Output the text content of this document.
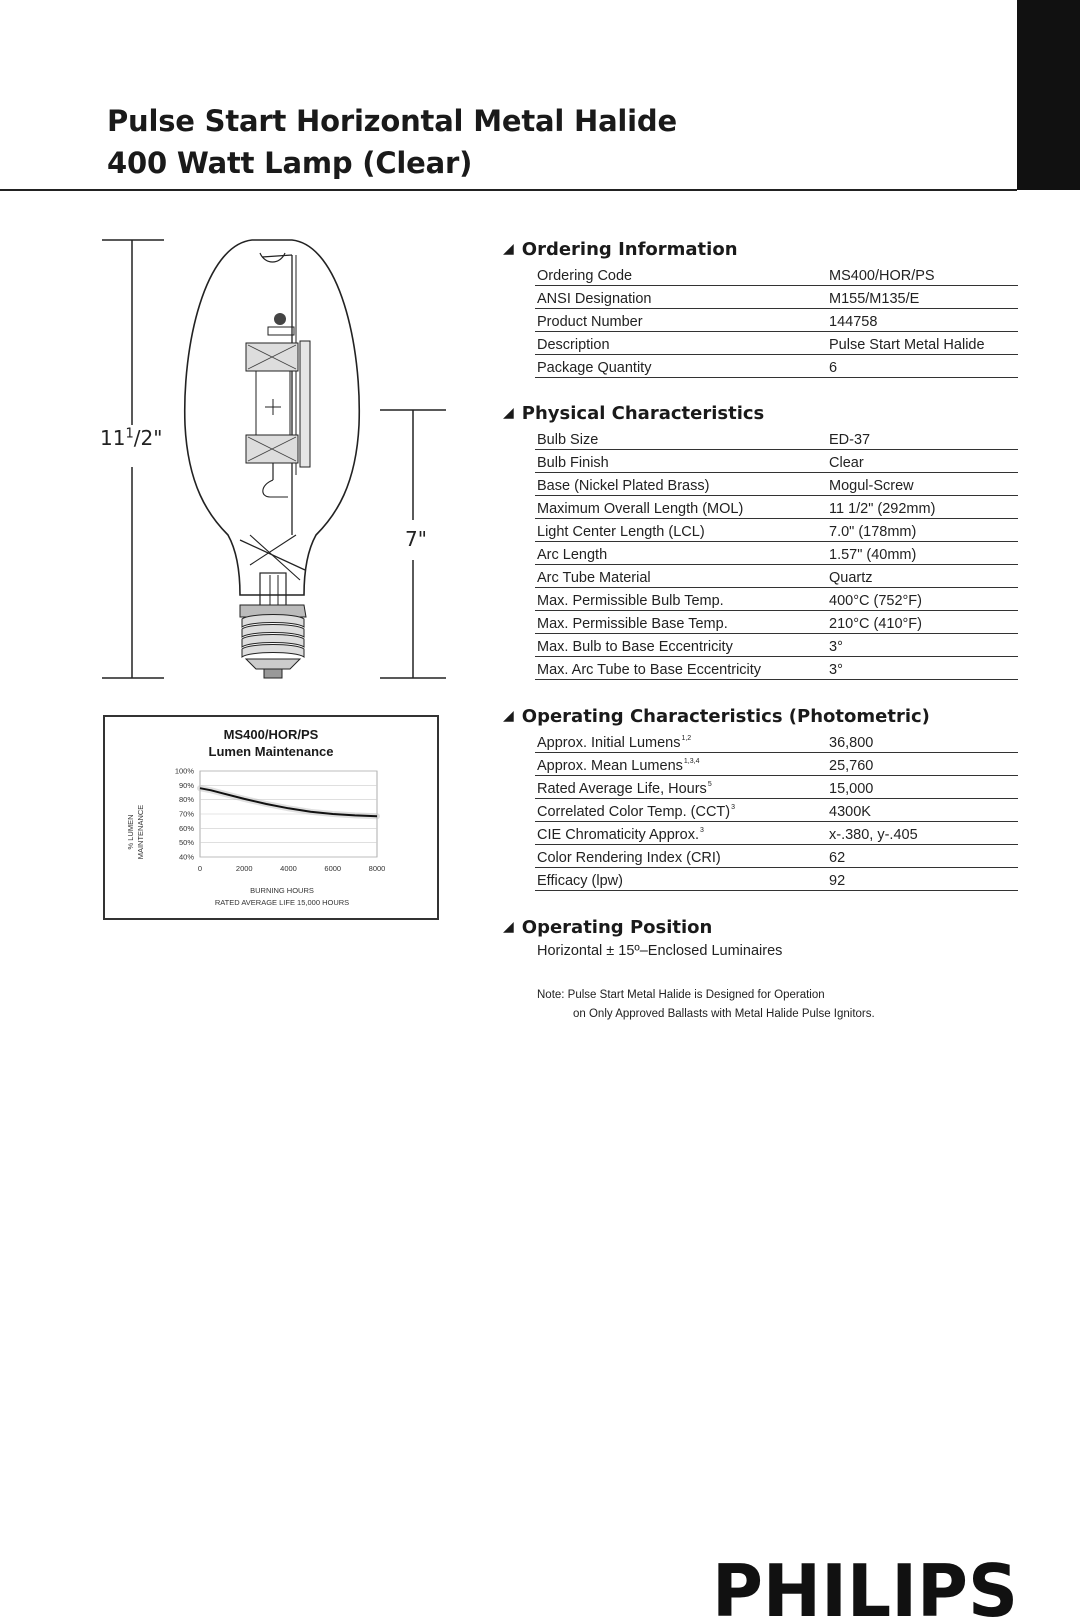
Pulse Start Horizontal Metal Halide
400 Watt Lamp (Clear)
$11^1/2$"
7"
◢ Ordering Information
Ordering Code	MS400/HOR/PS
ANSI Designation	M155/M135/E
Product Number	144758
Description	Pulse Start Metal Halide
Package Quantity	6
◢ Physical Characteristics
Bulb Size	ED-37
Bulb Finish	Clear
Base (Nickel Plated Brass)	Mogul-Screw
Maximum Overall Length (MOL)	11 1/2" (292mm)
Light Center Length (LCL)	7.0" (178mm)
Arc Length	1.57" (40mm)
Arc Tube Material	Quartz
Max. Permissible Bulb Temp.	400°C (752°F)
Max. Permissible Base Temp.	210°C (410°F)
Max. Bulb to Base Eccentricity	3°
Max. Arc Tube to Base Eccentricity	3°
◢ Operating Characteristics (Photometric)
Approx. Initial Lumens$^{1,2}$	36,800
Approx. Mean Lumens$^{1,3,4}$	25,760
Rated Average Life, Hours$^5$	15,000
Correlated Color Temp. (CCT)$^3$	4300K
CIE Chromaticity Approx.$^3$	x-.380, y-.405
Color Rendering Index (CRI)	62
Efficacy (lpw)	92
◢ Operating Position
Horizontal ± 15º–Enclosed Luminaires
Note: Pulse Start Metal Halide is Designed for Operation
on Only Approved Ballasts with Metal Halide Pulse Ignitors.
MS400/HOR/PS
Lumen Maintenance
% LUMEN MAINTENANCE
BURNING HOURS
RATED AVERAGE LIFE 15,000 HOURS
100%
90%
80%
70%
60%
50%
40%
0	2000	4000	6000	8000
PHILIPS
